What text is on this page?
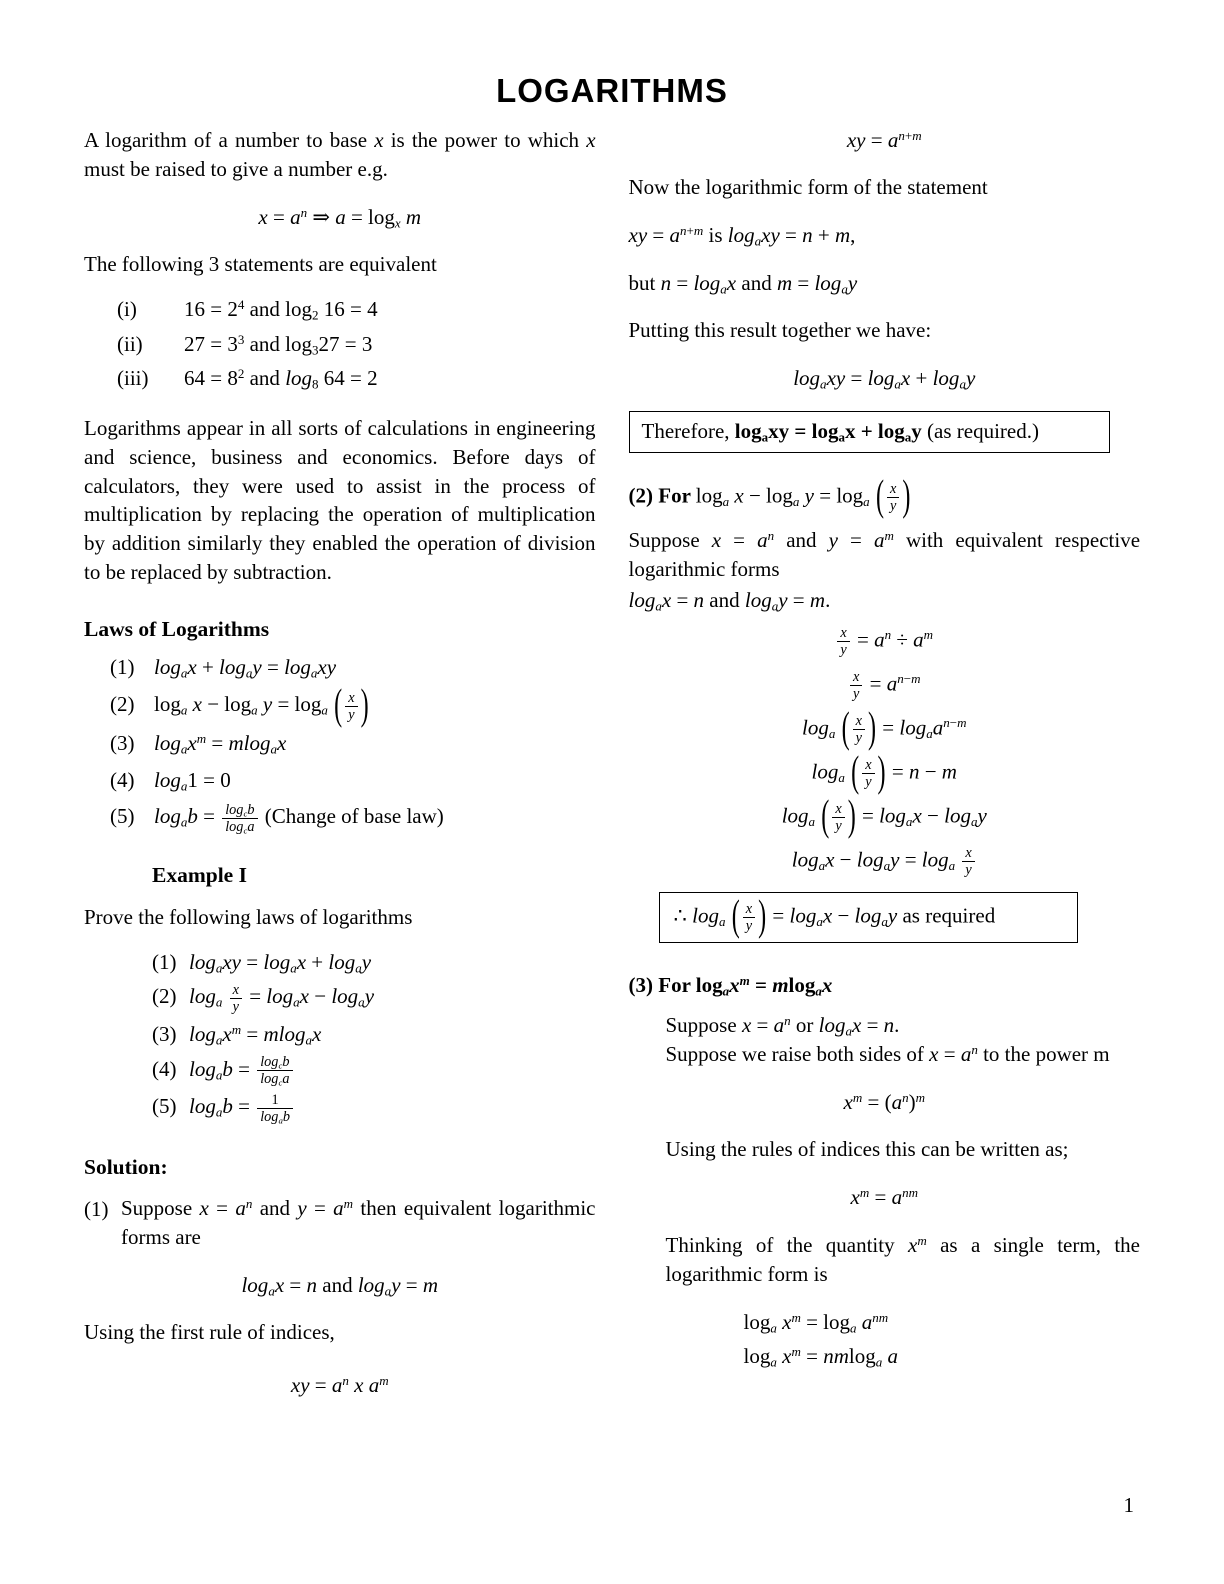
LOGARITHMS

A logarithm of a number to base x is the power to which x must be raised to give a number e.g.

$x = a^n$ ⇒ $a = \log_x m$

The following 3 statements are equivalent

(i)	$16 = 2^4$ and $\log_2 16 = 4$
(ii)	$27 = 3^3$ and $\log_327 = 3$
(iii)	$64 = 8^2$ and $\log_8 64 = 2$

Logarithms appear in all sorts of calculations in engineering and science, business and economics. Before days of calculators, they were used to assist in the process of multiplication by replacing the operation of multiplication by addition similarly they enabled the operation of division to be replaced by subtraction.

Laws of Logarithms
(1) $\log_ax + \log_ay = \log_axy$
(2) $\log_a x - \log_a y = \log_a$ ( $\frac{x}{y}$ )
(3) $\log_ax^m = mlog_ax$
(4) $\log_a1 = 0$
(5) $\log_ab = \frac{\log_cb}{\log_ca}$ (Change of base law)
Example I

Prove the following laws of logarithms

(1) $\log_axy = \log_ax + \log_ay$
(2) $\log_a \frac{x}{y} = \log_ax - \log_ay$
(3) $\log_ax^m = mlog_ax$
(4) $\log_ab = \frac{\log_cb}{\log_ca}$
(5) $\log_ab = \frac{1}{\log_ab}$
Solution:
(1) Suppose $x = a^n$ and $y = a^m$ then equivalent logarithmic forms are

$\log_ax = n$ and $\log_ay = m$

Using the first rule of indices,

xy = $a^n$ x $a^m$
xy = $a^{n+m}$

Now the logarithmic form of the statement

xy = $a^{n+m}$ is $\log_axy = n + m$,
but $n = \log_ax$ and $m = \log_ay$

Putting this result together we have:

$\log_axy = \log_ax + \log_ay$
Therefore, $\log_axy = \log_ax + \log_ay$ (as required.)
(2) For $\log_a x - \log_a y = \log_a$ ( $\frac{x}{y}$ )

Suppose $x = a^n$ and $y = a^m$ with equivalent respective logarithmic forms

$\log_ax = n$ and $\log_ay = m$.
$\frac{x}{y} = a^n \div a^m$
$\frac{x}{y} = a^{n-m}$
$\log_a$ ( $\frac{x}{y}$ ) = $\log_aa^{n-m}$
$\log_a$ ( $\frac{x}{y}$ ) = n − m
$\log_a$ ( $\frac{x}{y}$ ) = $\log_ax - \log_ay$
$\log_ax - \log_ay = \log_a \frac{x}{y}$
∴ $\log_a$ ( $\frac{x}{y}$ ) = $\log_ax - \log_ay$ as required
(3) For $\log_ax^m = mlog_ax$

Suppose $x = a^n$ or $\log_ax = n$.

Suppose we raise both sides of $x = a^n$ to the power m

$x^m = (a^n)^m$

Using the rules of indices this can be written as;

$x^m = a^{nm}$

Thinking of the quantity $x^m$ as a single term, the logarithmic form is

$\log_a x^m = \log_a a^{nm}$
$\log_a x^m = nmlog_a$ a
1
